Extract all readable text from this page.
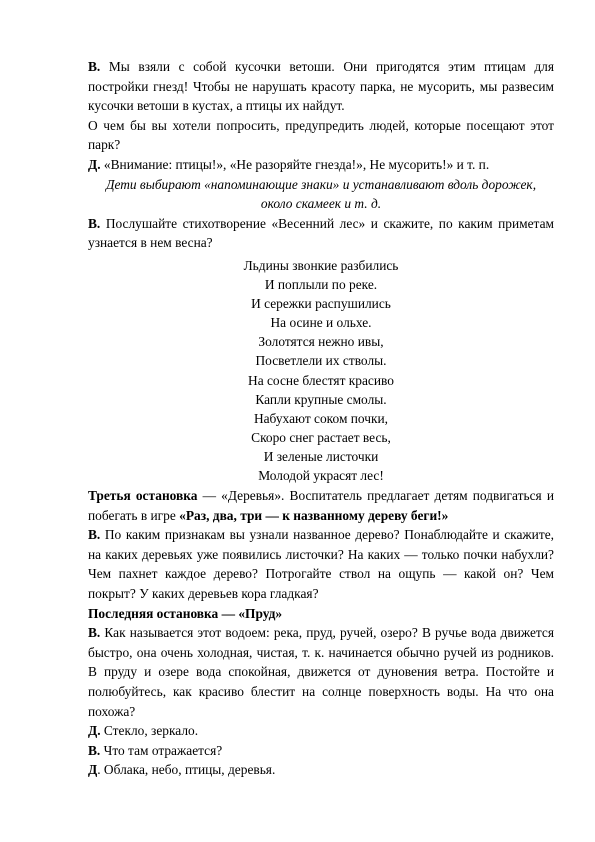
В. Мы взяли с собой кусочки ветоши. Они пригодятся этим птицам для постройки гнезд! Чтобы не нарушать красоту парка, не мусорить, мы развесим кусочки ветоши в кустах, а птицы их найдут.

О чем бы вы хотели попросить, предупредить людей, которые посещают этот парк?

Д. «Внимание: птицы!», «Не разоряйте гнезда!», Не мусорить!» и т. п.

Дети выбирают «напоминающие знаки» и устанавливают вдоль дорожек,

около скамеек и т. д.

В. Послушайте стихотворение «Весенний лес» и скажите, по каким приметам узнается в нем весна?

Льдины звонкие разбились
И поплыли по реке.
И сережки распушились
На осине и ольхе.
Золотятся нежно ивы,
Посветлели их стволы.
На сосне блестят красиво
Капли крупные смолы.
Набухают соком почки,
Скоро снег растает весь,
И зеленые листочки
Молодой украсят лес!

Третья остановка — «Деревья». Воспитатель предлагает детям подвигаться и побегать в игре «Раз, два, три — к названному дереву беги!»

В. По каким признакам вы узнали названное дерево? Понаблюдайте и скажите, на каких деревьях уже появились листочки? На каких — только почки набухли? Чем пахнет каждое дерево? Потрогайте ствол на ощупь — какой он? Чем покрыт? У каких деревьев кора гладкая?

Последняя остановка — «Пруд»

В. Как называется этот водоем: река, пруд, ручей, озеро? В ручье вода движется быстро, она очень холодная, чистая, т. к. начинается обычно ручей из родников. В пруду и озере вода спокойная, движется от дуновения ветра. Постойте и полюбуйтесь, как красиво блестит на солнце поверхность воды. На что она похожа?

Д. Стекло, зеркало.

В. Что там отражается?

Д. Облака, небо, птицы, деревья.
